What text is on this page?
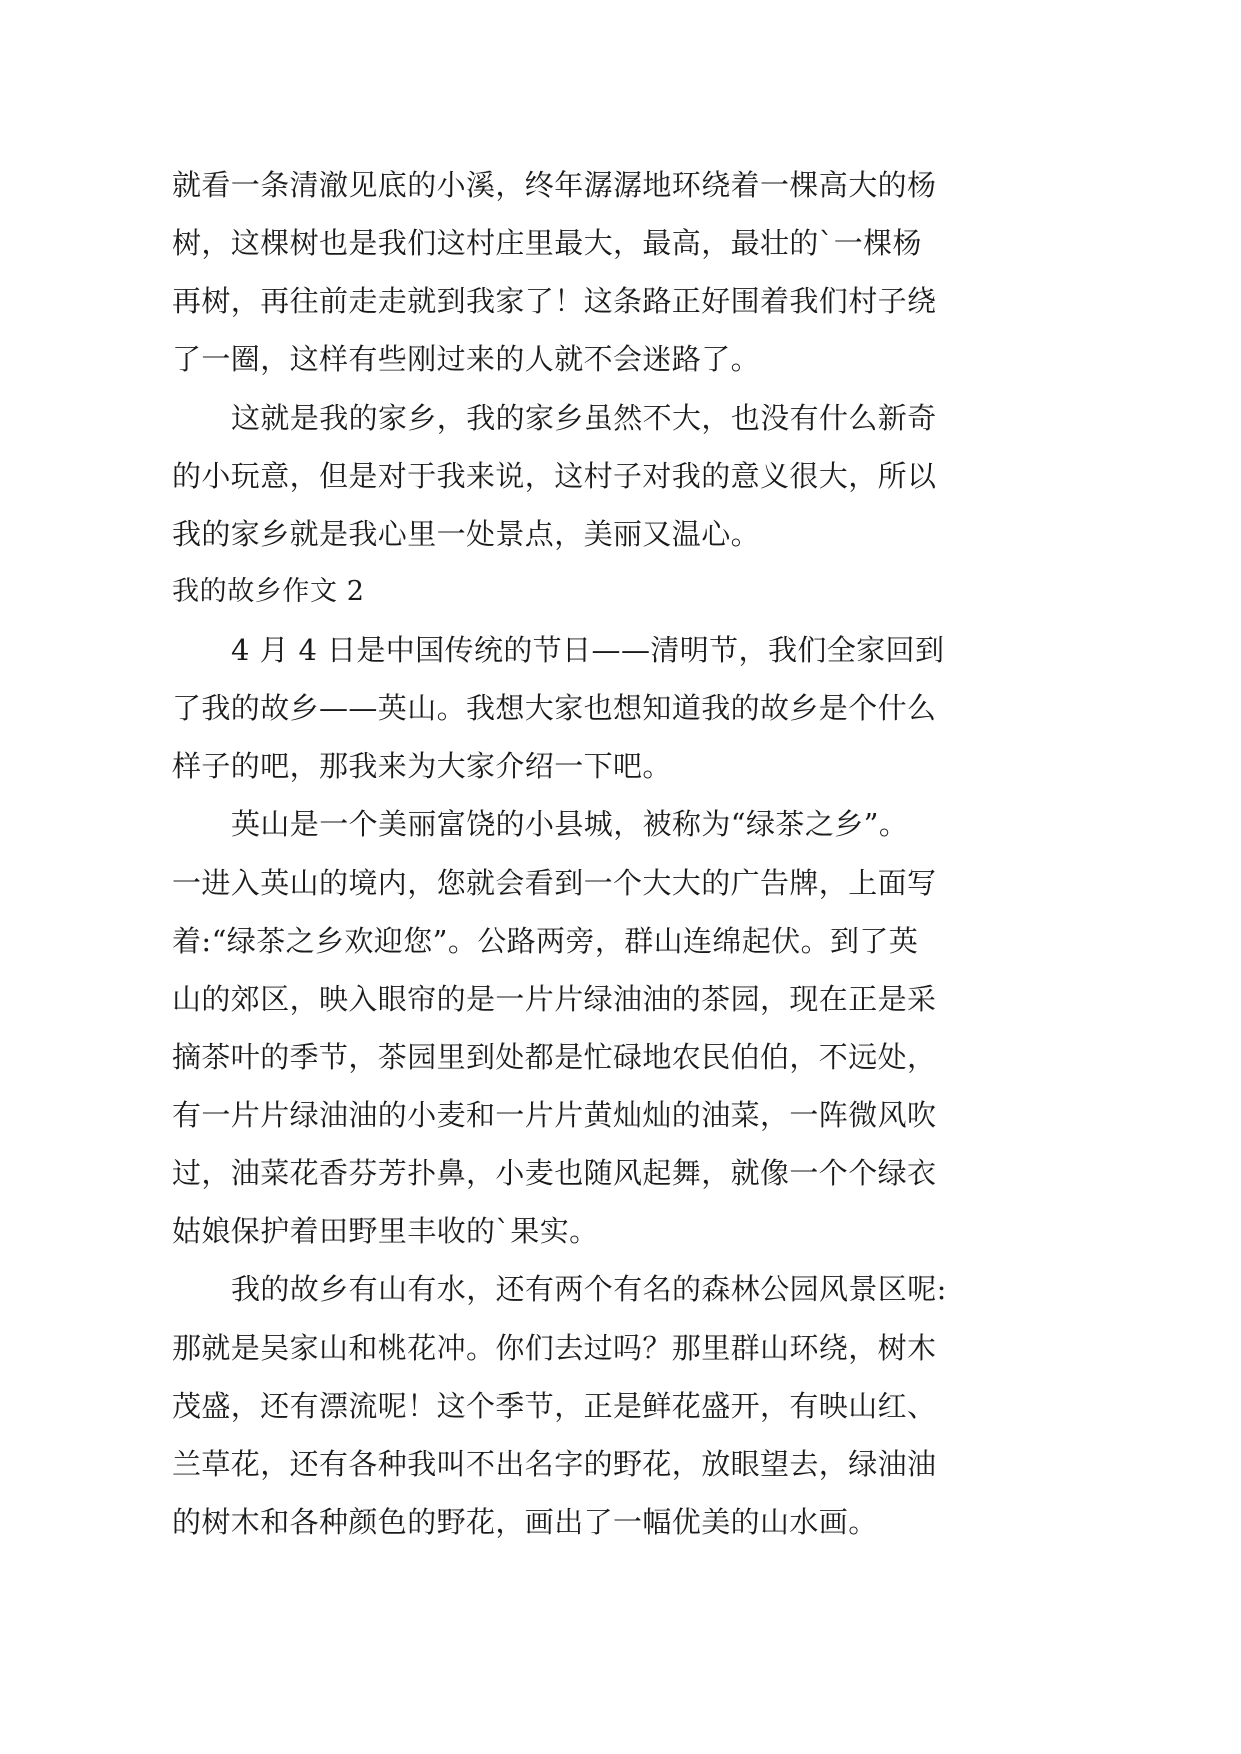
就看一条清澈见底的小溪，终年潺潺地环绕着一棵高大的杨
树，这棵树也是我们这村庄里最大，最高，最壮的`一棵杨
再树，再往前走走就到我家了！这条路正好围着我们村子绕
了一圈，这样有些刚过来的人就不会迷路了。
这就是我的家乡，我的家乡虽然不大，也没有什么新奇
的小玩意，但是对于我来说，这村子对我的意义很大，所以
我的家乡就是我心里一处景点，美丽又温心。
我的故乡作文 2
4 月 4 日是中国传统的节日——清明节，我们全家回到
了我的故乡——英山。我想大家也想知道我的故乡是个什么
样子的吧，那我来为大家介绍一下吧。
英山是一个美丽富饶的小县城，被称为“绿茶之乡”。
一进入英山的境内，您就会看到一个大大的广告牌，上面写
着:“绿茶之乡欢迎您”。公路两旁，群山连绵起伏。到了英
山的郊区，映入眼帘的是一片片绿油油的茶园，现在正是采
摘茶叶的季节，茶园里到处都是忙碌地农民伯伯，不远处，
有一片片绿油油的小麦和一片片黄灿灿的油菜，一阵微风吹
过，油菜花香芬芳扑鼻，小麦也随风起舞，就像一个个绿衣
姑娘保护着田野里丰收的`果实。
我的故乡有山有水，还有两个有名的森林公园风景区呢:
那就是吴家山和桃花冲。你们去过吗？那里群山环绕，树木
茂盛，还有漂流呢！这个季节，正是鲜花盛开，有映山红、
兰草花，还有各种我叫不出名字的野花，放眼望去，绿油油
的树木和各种颜色的野花，画出了一幅优美的山水画。
